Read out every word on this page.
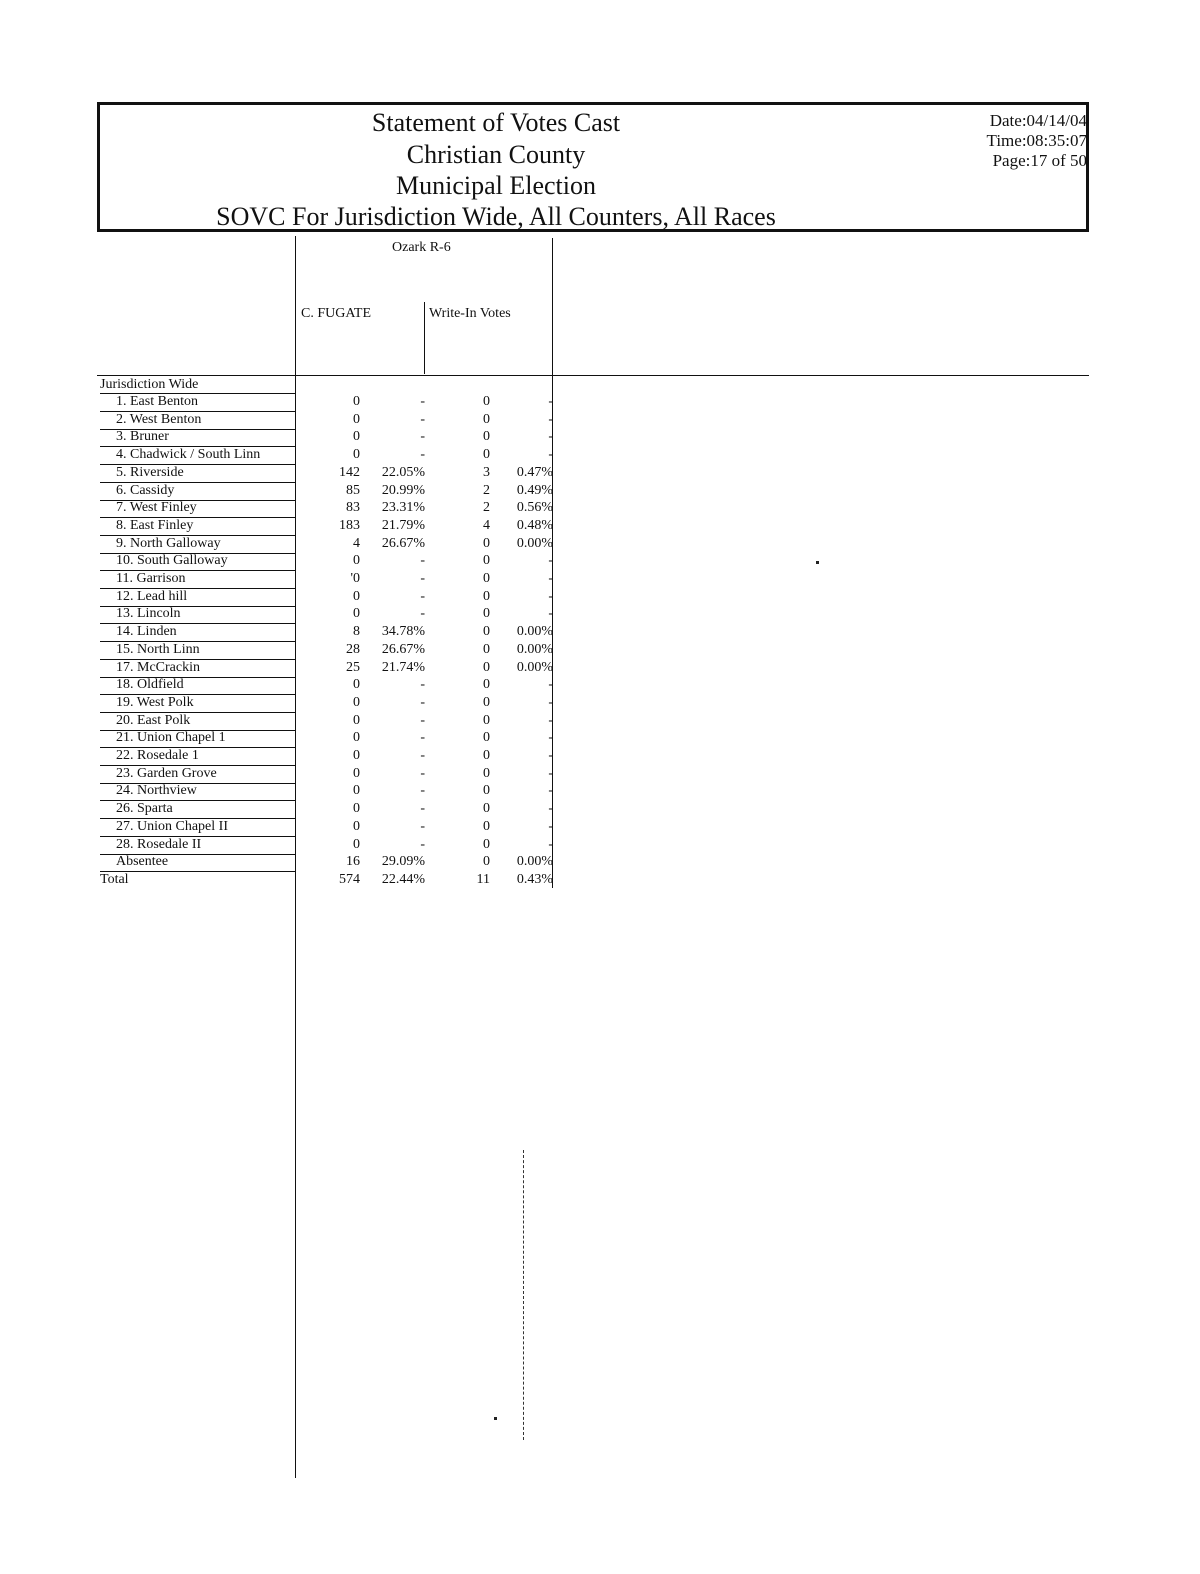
Statement of Votes Cast
Christian County
Municipal Election
SOVC For Jurisdiction Wide, All Counters, All Races
Date:04/14/04
Time:08:35:07
Page:17 of 50
Ozark R-6
C. FUGATE	Write-In Votes
Jurisdiction Wide
1. East Benton	0	-	0	-
2. West Benton	0	-	0	-
3. Bruner	0	-	0	-
4. Chadwick / South Linn	0	-	0	-
5. Riverside	142	22.05%	3	0.47%
6. Cassidy	85	20.99%	2	0.49%
7. West Finley	83	23.31%	2	0.56%
8. East Finley	183	21.79%	4	0.48%
9. North Galloway	4	26.67%	0	0.00%
10. South Galloway	0	-	0	-
11. Garrison	'0	-	0	-
12. Lead hill	0	-	0	-
13. Lincoln	0	-	0	-
14. Linden	8	34.78%	0	0.00%
15. North Linn	28	26.67%	0	0.00%
17. McCrackin	25	21.74%	0	0.00%
18. Oldfield	0	-	0	-
19. West Polk	0	-	0	-
20. East Polk	0	-	0	-
21. Union Chapel 1	0	-	0	-
22. Rosedale 1	0	-	0	-
23. Garden Grove	0	-	0	-
24. Northview	0	-	0	-
26. Sparta	0	-	0	-
27. Union Chapel II	0	-	0	-
28. Rosedale II	0	-	0	-
Absentee	16	29.09%	0	0.00%
Total	574	22.44%	11	0.43%
